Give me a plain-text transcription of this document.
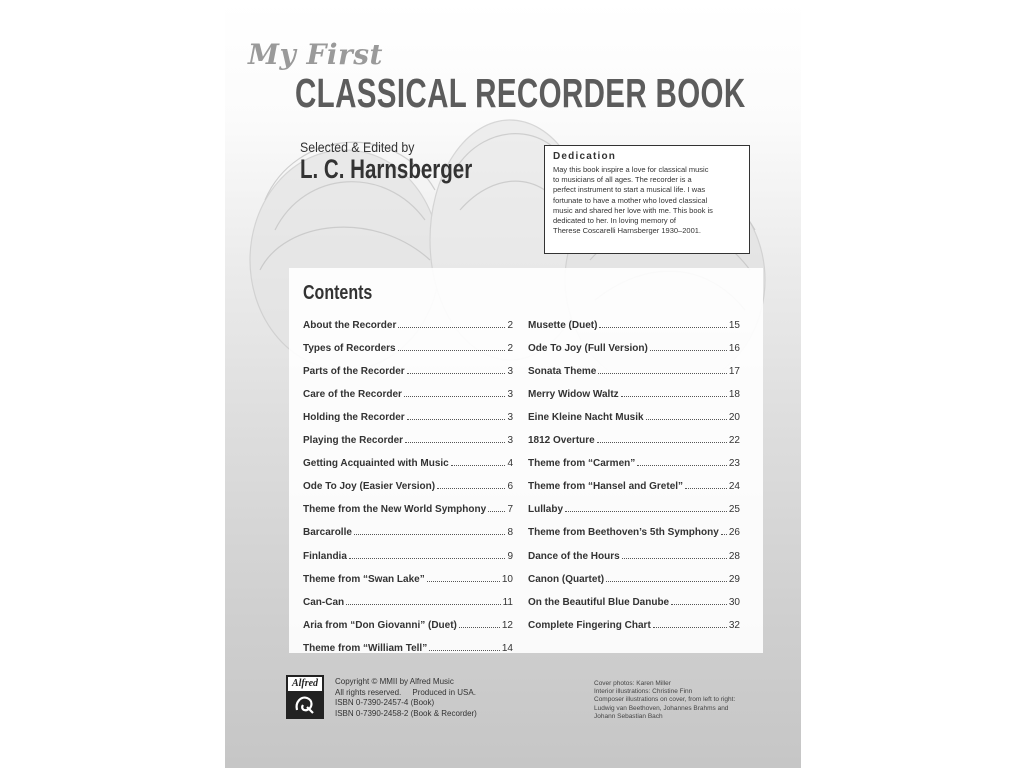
My First
CLASSICAL RECORDER BOOK
Selected & Edited by
L. C. Harnsberger	Dedication
May this book inspire a love for classical music
to musicians of all ages. The recorder is a
perfect instrument to start a musical life. I was
fortunate to have a mother who loved classical
music and shared her love with me. This book is
dedicated to her. In loving memory of
Therese Coscarelli Harnsberger 1930–2001.
Contents
About the Recorder	2
Types of Recorders	2
Parts of the Recorder	3
Care of the Recorder	3
Holding the Recorder	3
Playing the Recorder	3
Getting Acquainted with Music	4
Ode To Joy (Easier Version)	6
Theme from the New World Symphony 7
Barcarolle	8
Finlandia	9
Theme from “Swan Lake”	10
Can-Can	11
Aria from “Don Giovanni” (Duet)	12
Theme from “William Tell”	14
Musette (Duet)	15
Ode To Joy (Full Version)	16
Sonata Theme	17
Merry Widow Waltz	18
Eine Kleine Nacht Musik	20
1812 Overture	22
Theme from “Carmen”	23
Theme from “Hansel and Gretel”	24
Lullaby	25
Theme from Beethoven’s 5th Symphony 26
Dance of the Hours	28
Canon (Quartet)	29
On the Beautiful Blue Danube	30
Complete Fingering Chart	32
Alfred	Copyright © MMII by Alfred Music
All rights reserved.     Produced in USA.
ISBN 0-7390-2457-4 (Book)
ISBN 0-7390-2458-2 (Book & Recorder)
Cover photos: Karen Miller
Interior illustrations: Christine Finn
Composer illustrations on cover, from left to right:
Ludwig van Beethoven, Johannes Brahms and
Johann Sebastian Bach
